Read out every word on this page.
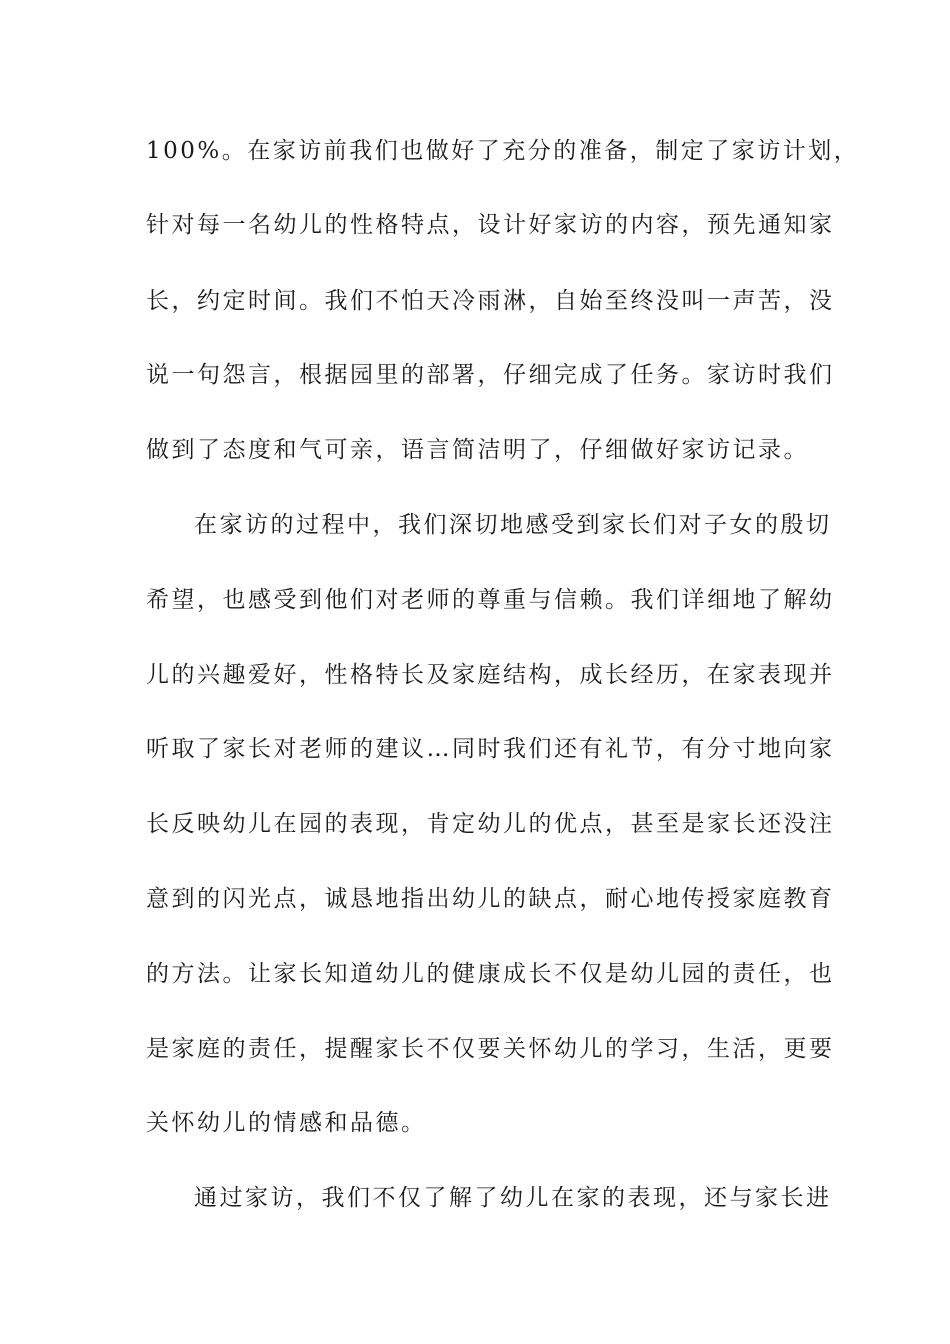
100%。在家访前我们也做好了充分的准备，制定了家访计划，
针对每一名幼儿的性格特点，设计好家访的内容，预先通知家
长，约定时间。我们不怕天冷雨淋，自始至终没叫一声苦，没
说一句怨言，根据园里的部署，仔细完成了任务。家访时我们
做到了态度和气可亲，语言简洁明了，仔细做好家访记录。
在家访的过程中，我们深切地感受到家长们对子女的殷切
希望，也感受到他们对老师的尊重与信赖。我们详细地了解幼
儿的兴趣爱好，性格特长及家庭结构，成长经历，在家表现并
听取了家长对老师的建议…同时我们还有礼节，有分寸地向家
长反映幼儿在园的表现，肯定幼儿的优点，甚至是家长还没注
意到的闪光点，诚恳地指出幼儿的缺点，耐心地传授家庭教育
的方法。让家长知道幼儿的健康成长不仅是幼儿园的责任，也
是家庭的责任，提醒家长不仅要关怀幼儿的学习，生活，更要
关怀幼儿的情感和品德。
通过家访，我们不仅了解了幼儿在家的表现，还与家长进
